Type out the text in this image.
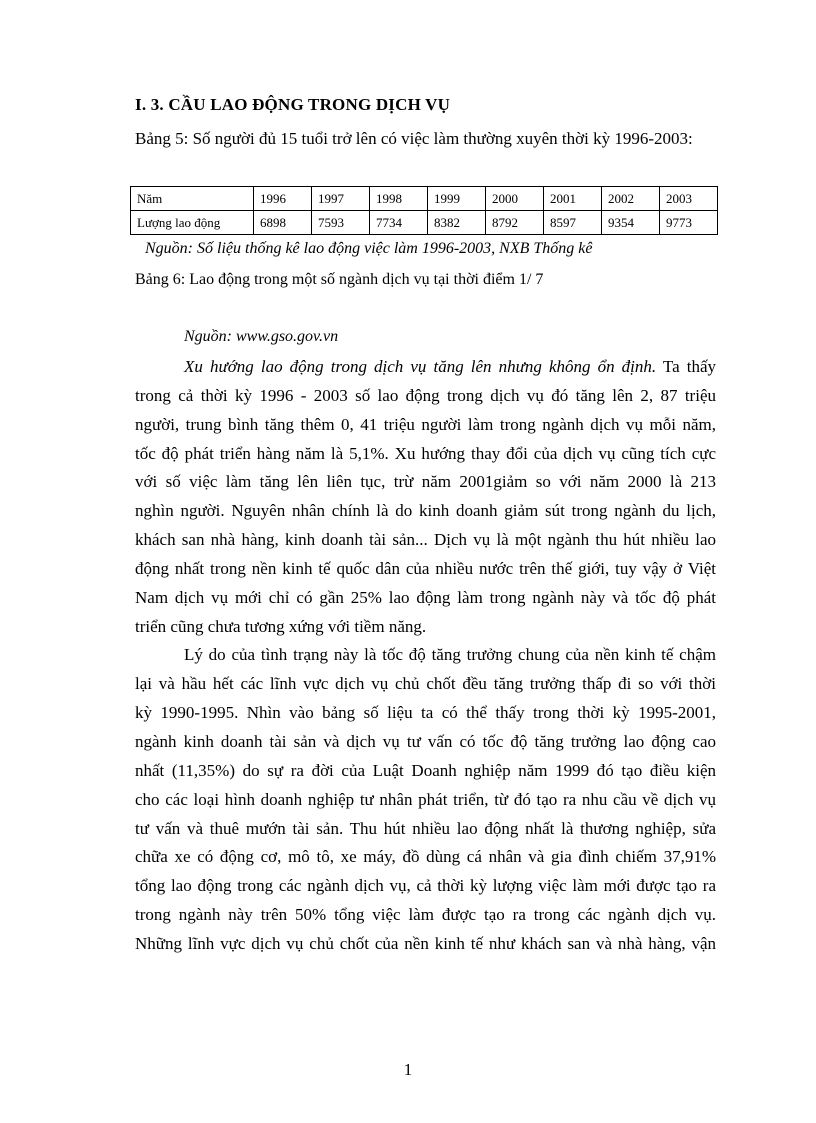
I. 3. CẦU LAO ĐỘNG TRONG DỊCH VỤ
Bảng 5: Số người đủ 15 tuổi trở lên có việc làm thường xuyên thời kỳ 1996-2003:
Năm	1996	1997	1998	1999	2000	2001	2002	2003
Lượng lao động	6898	7593	7734	8382	8792	8597	9354	9773
Nguồn: Số liệu thống kê lao động việc làm 1996-2003, NXB Thống kê
Bảng 6: Lao động trong một số ngành dịch vụ tại thời điểm 1/ 7
Nguồn: www.gso.gov.vn
Xu hướng lao động trong dịch vụ tăng lên nhưng không ổn định. Ta thấy
trong cả thời kỳ 1996 - 2003 số lao động trong dịch vụ đó tăng lên 2, 87 triệu
người, trung bình tăng thêm 0, 41 triệu người làm trong ngành dịch vụ mỗi năm,
tốc độ phát triển hàng năm là 5,1%. Xu hướng thay đổi của dịch vụ cũng tích cực
với số việc làm tăng lên liên tục, trừ năm 2001giảm so với năm 2000 là 213
nghìn người. Nguyên nhân chính là do kinh doanh giảm sút trong ngành du lịch,
khách san nhà hàng, kinh doanh tài sản... Dịch vụ là một ngành thu hút nhiều lao
động nhất trong nền kinh tế quốc dân của nhiều nước trên thế giới, tuy vậy ở Việt
Nam dịch vụ mới chỉ có gần 25% lao động làm trong ngành này và tốc độ phát
triển cũng chưa tương xứng với tiềm năng.
Lý do của tình trạng này là tốc độ tăng trưởng chung của nền kinh tế chậm
lại và hầu hết các lĩnh vực dịch vụ chủ chốt đều tăng trưởng thấp đi so với thời
kỳ 1990-1995. Nhìn vào bảng số liệu ta có thể thấy trong thời kỳ 1995-2001,
ngành kinh doanh tài sản và dịch vụ tư vấn có tốc độ tăng trưởng lao động cao
nhất (11,35%) do sự ra đời của Luật Doanh nghiệp năm 1999 đó tạo điều kiện
cho các loại hình doanh nghiệp tư nhân phát triển, từ đó tạo ra nhu cầu về dịch vụ
tư vấn và thuê mướn tài sản. Thu hút nhiều lao động nhất là thương nghiệp, sửa
chữa xe có động cơ, mô tô, xe máy, đồ dùng cá nhân và gia đình chiếm 37,91%
tổng lao động trong các ngành dịch vụ, cả thời kỳ lượng việc làm mới được tạo ra
trong ngành này trên 50% tổng việc làm được tạo ra trong các ngành dịch vụ.
Những lĩnh vực dịch vụ chủ chốt của nền kinh tế như khách san và nhà hàng, vận
1
